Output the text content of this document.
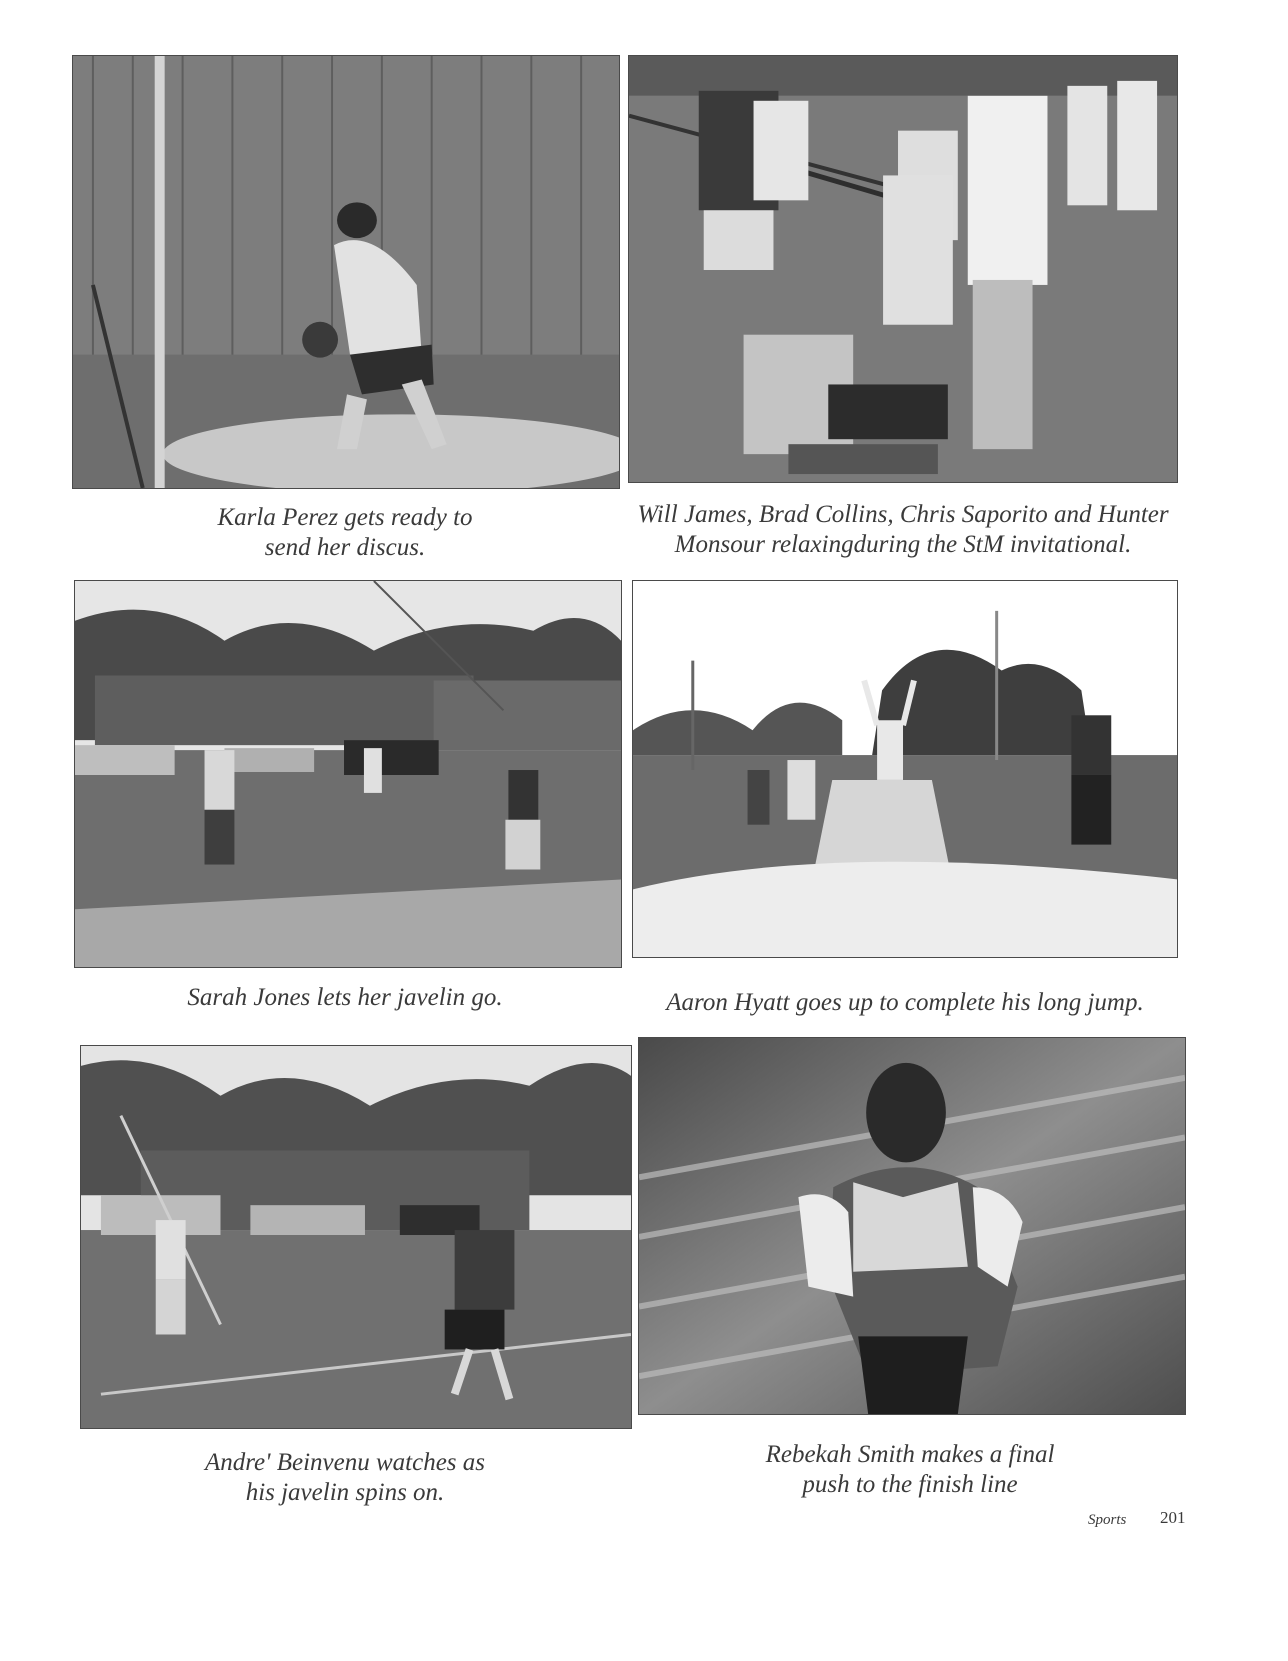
Karla Perez gets ready to
send her discus.
Will James, Brad Collins, Chris Saporito and Hunter
Monsour relaxingduring the StM invitational.
Sarah Jones lets her javelin go.	Aaron Hyatt goes up to complete his long jump.
Andre' Beinvenu watches as
his javelin spins on.
Rebekah Smith makes a final
push to the finish line
Sports 201
